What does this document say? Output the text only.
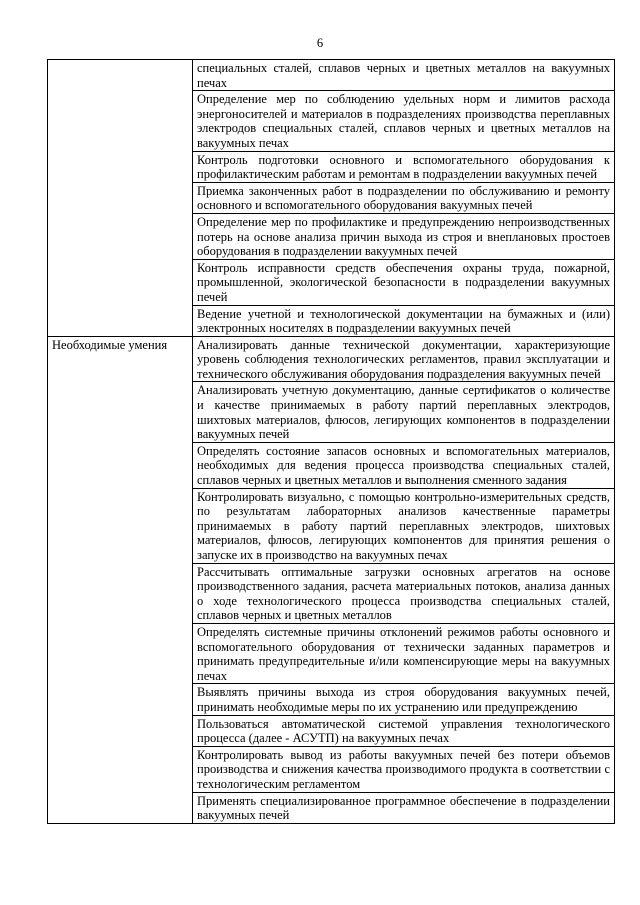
6
	специальных сталей, сплавов черных и цветных металлов на вакуумных печах
	Определение мер по соблюдению удельных норм и лимитов расхода энергоносителей и материалов в подразделениях производства переплавных электродов специальных сталей, сплавов черных и цветных металлов на вакуумных печах
	Контроль подготовки основного и вспомогательного оборудования к профилактическим работам и ремонтам в подразделении вакуумных печей
	Приемка законченных работ в подразделении по обслуживанию и ремонту основного и вспомогательного оборудования вакуумных печей
	Определение мер по профилактике и предупреждению непроизводственных потерь на основе анализа причин выхода из строя и внеплановых простоев оборудования в подразделении вакуумных печей
	Контроль исправности средств обеспечения охраны труда, пожарной, промышленной, экологической безопасности в подразделении вакуумных печей
	Ведение учетной и технологической документации на бумажных и (или) электронных носителях в подразделении вакуумных печей
Необходимые умения	Анализировать данные технической документации, характеризующие уровень соблюдения технологических регламентов, правил эксплуатации и технического обслуживания оборудования подразделения вакуумных печей
	Анализировать учетную документацию, данные сертификатов о количестве и качестве принимаемых в работу партий переплавных электродов, шихтовых материалов, флюсов, легирующих компонентов в подразделении вакуумных печей
	Определять состояние запасов основных и вспомогательных материалов, необходимых для ведения процесса производства специальных сталей, сплавов черных и цветных металлов и выполнения сменного задания
	Контролировать визуально, с помощью контрольно-измерительных средств, по результатам лабораторных анализов качественные параметры принимаемых в работу партий переплавных электродов, шихтовых материалов, флюсов, легирующих компонентов для принятия решения о запуске их в производство на вакуумных печах
	Рассчитывать оптимальные загрузки основных агрегатов на основе производственного задания, расчета материальных потоков, анализа данных о ходе технологического процесса производства специальных сталей, сплавов черных и цветных металлов
	Определять системные причины отклонений режимов работы основного и вспомогательного оборудования от технически заданных параметров и принимать предупредительные и/или компенсирующие меры на вакуумных печах
	Выявлять причины выхода из строя оборудования вакуумных печей, принимать необходимые меры по их устранению или предупреждению
	Пользоваться автоматической системой управления технологического процесса (далее - АСУТП) на вакуумных печах
	Контролировать вывод из работы вакуумных печей без потери объемов производства и снижения качества производимого продукта в соответствии с технологическим регламентом
	Применять специализированное программное обеспечение в подразделении вакуумных печей
